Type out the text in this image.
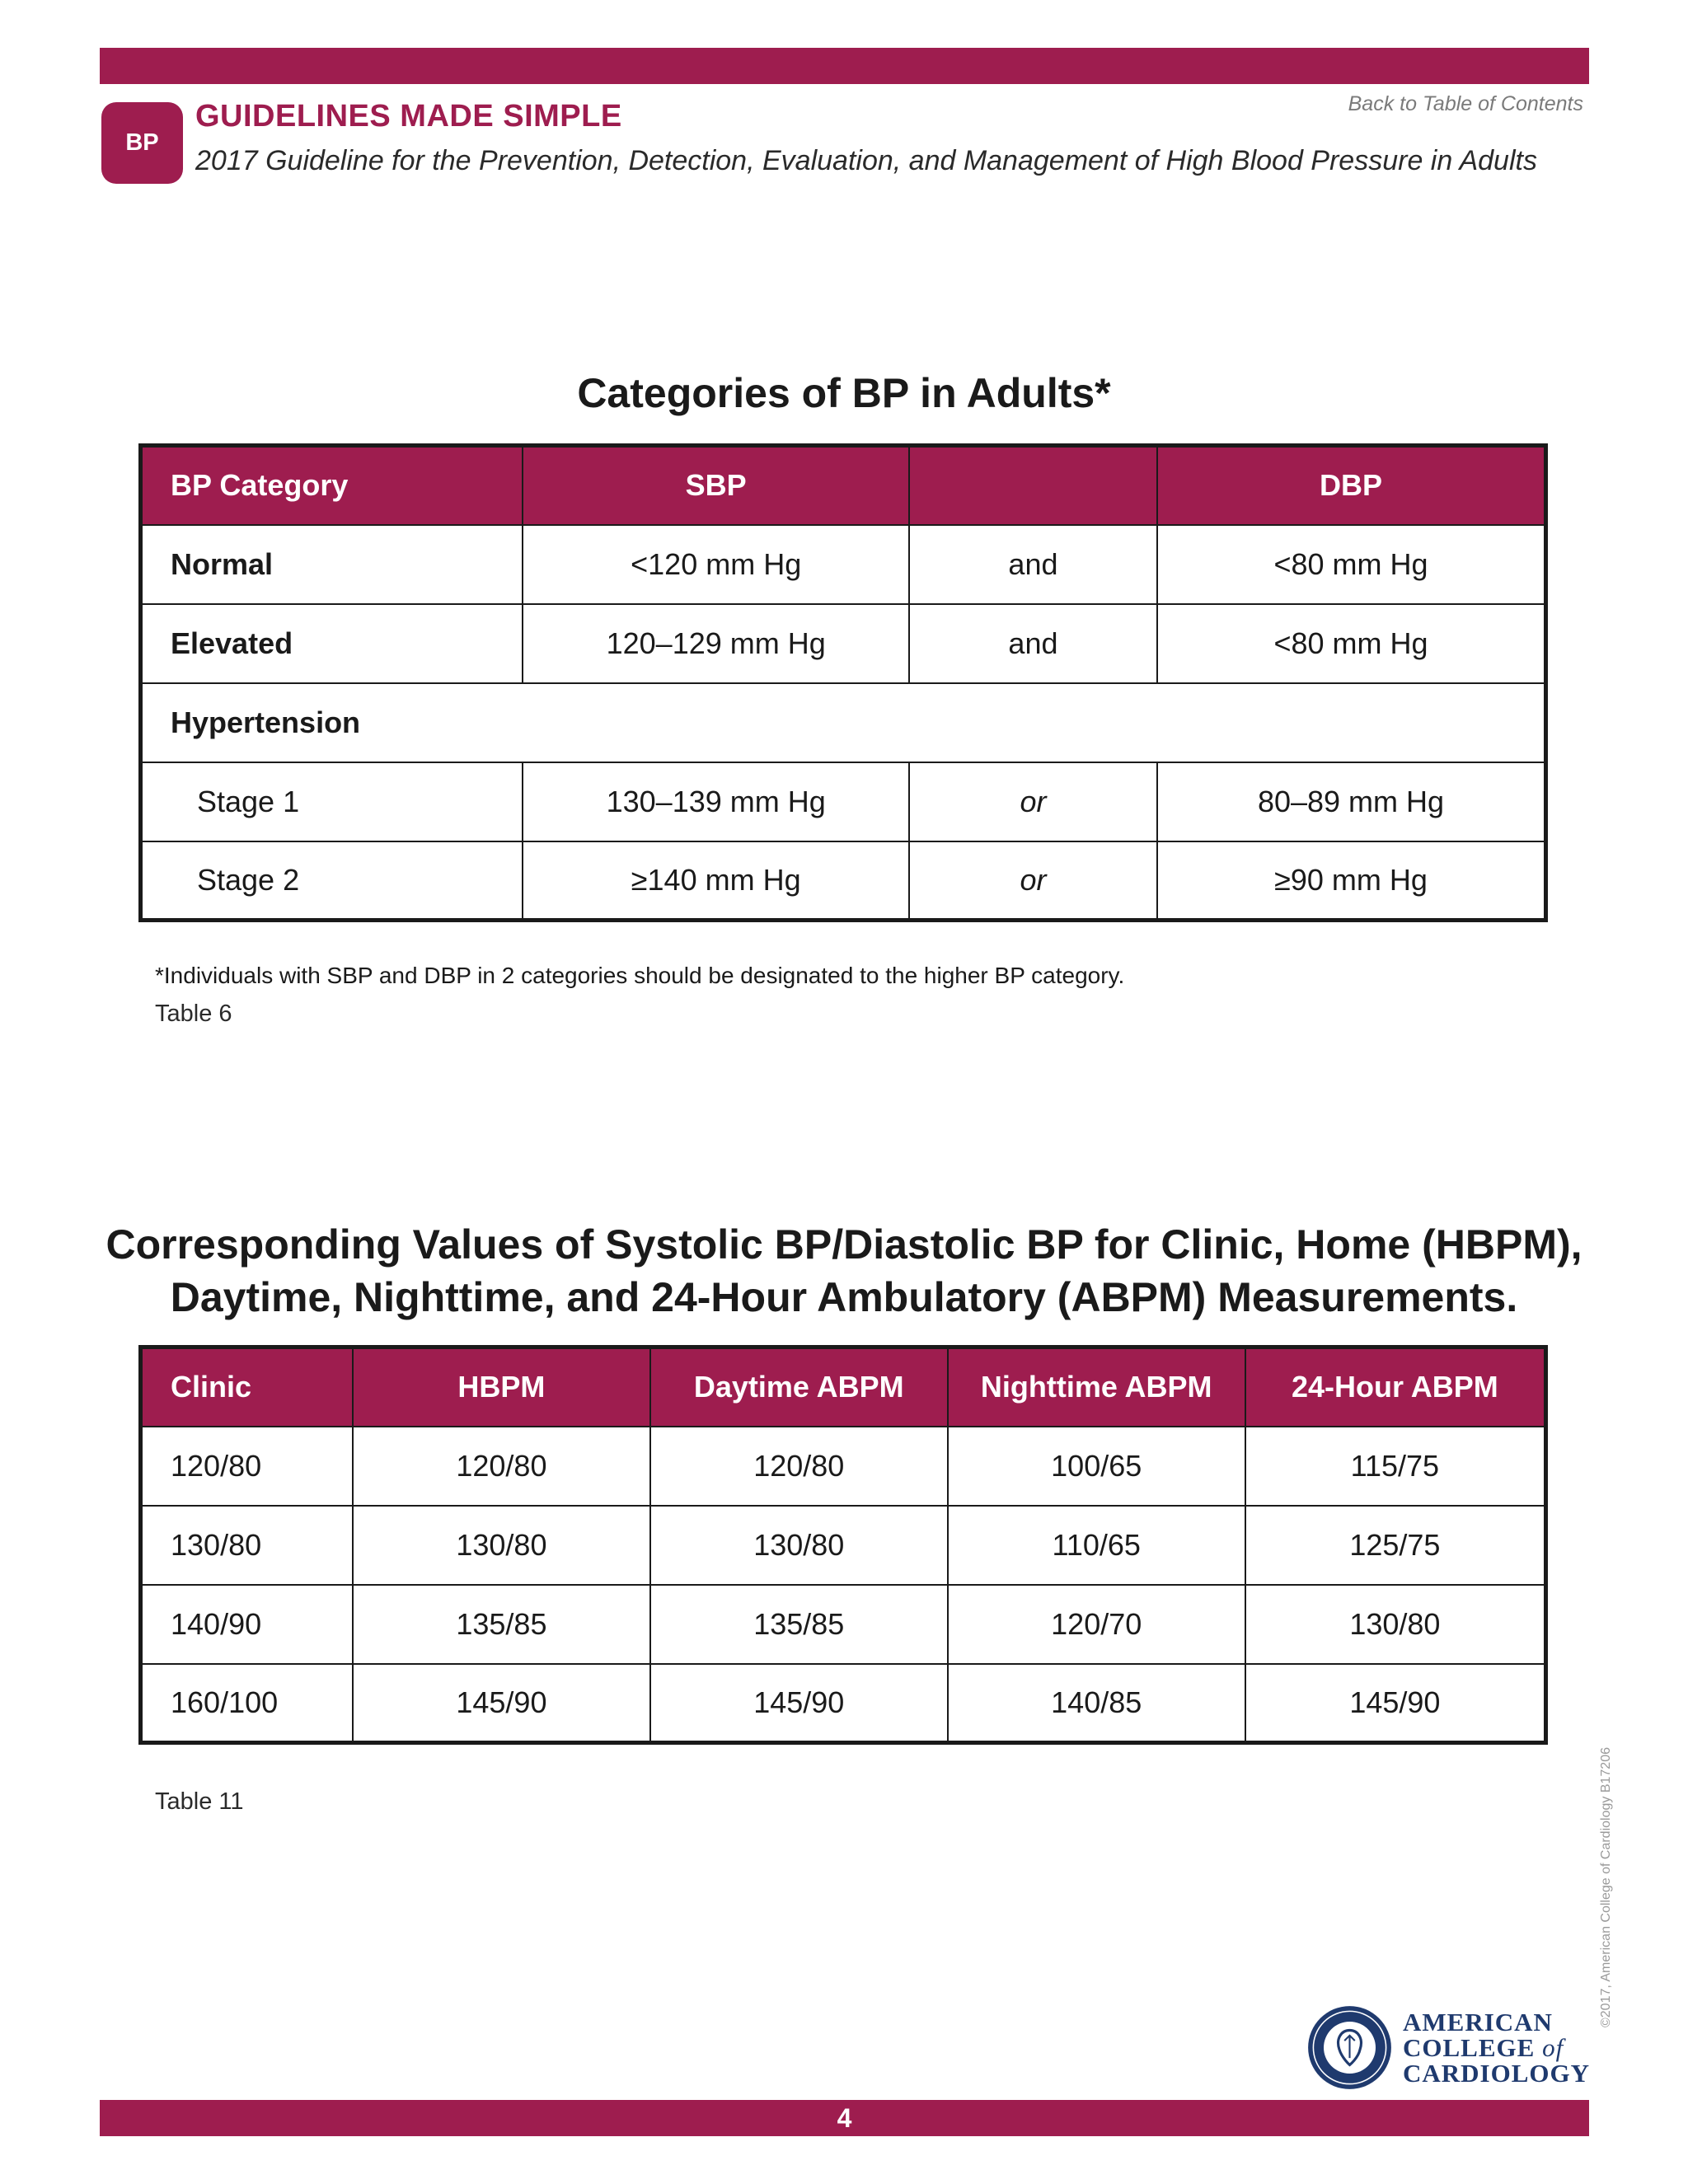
Back to Table of Contents
BP
GUIDELINES MADE SIMPLE
2017 Guideline for the Prevention, Detection, Evaluation, and Management of High Blood Pressure in Adults
Categories of BP in Adults*
BP Category	SBP		DBP
Normal	<120 mm Hg	and	<80 mm Hg
Elevated	120–129 mm Hg	and	<80 mm Hg
Hypertension			
Stage 1	130–139 mm Hg	or	80–89 mm Hg
Stage 2	≥140 mm Hg	or	≥90 mm Hg
*Individuals with SBP and DBP in 2 categories should be designated to the higher BP category.
Table 6
Corresponding Values of Systolic BP/Diastolic BP for Clinic, Home (HBPM),
Daytime, Nighttime, and 24-Hour Ambulatory (ABPM) Measurements.
Clinic	HBPM	Daytime ABPM	Nighttime ABPM	24-Hour ABPM
120/80	120/80	120/80	100/65	115/75
130/80	130/80	130/80	110/65	125/75
140/90	135/85	135/85	120/70	130/80
160/100	145/90	145/90	140/85	145/90
Table 11	©2017, American College of Cardiology B17206
AMERICAN
COLLEGE of
CARDIOLOGY
4
